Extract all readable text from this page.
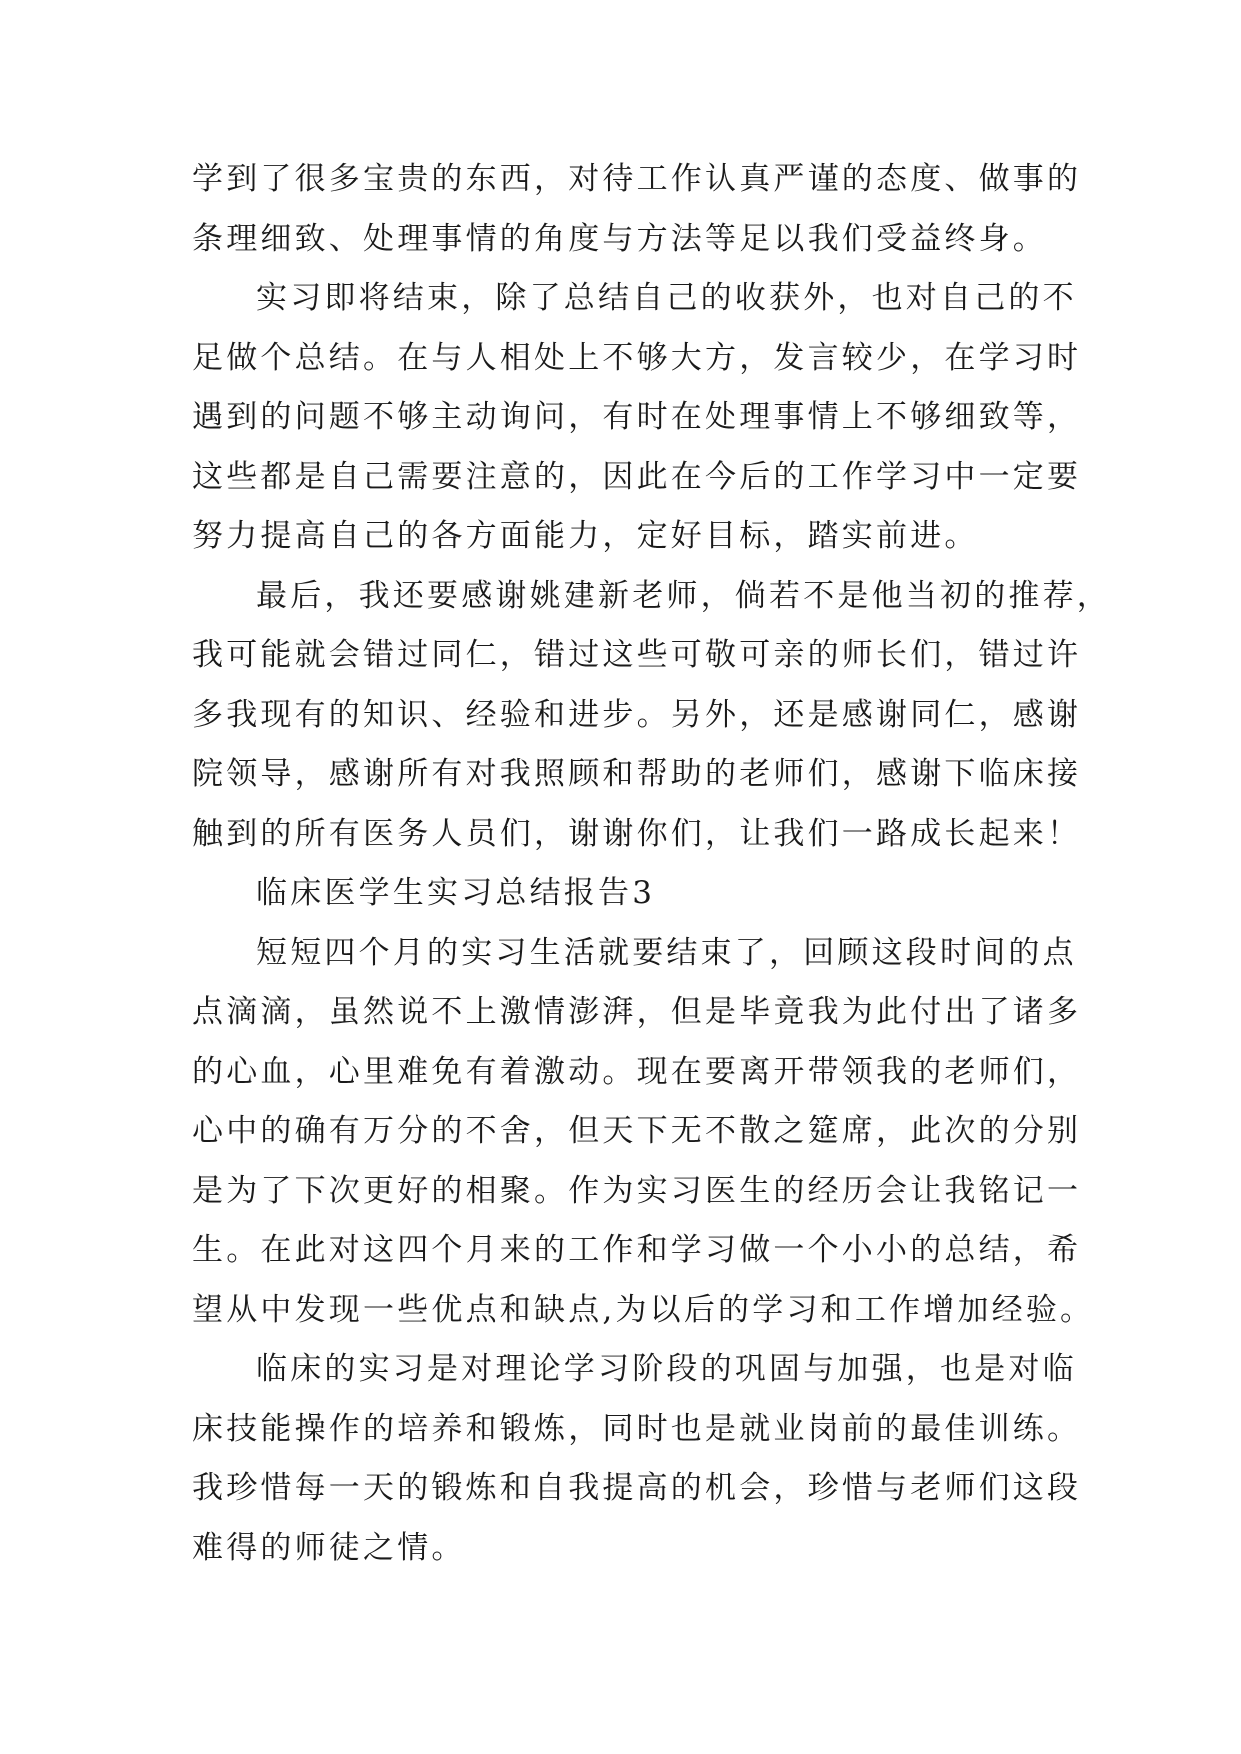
学到了很多宝贵的东西，对待工作认真严谨的态度、做事的
条理细致、处理事情的角度与方法等足以我们受益终身。
实习即将结束，除了总结自己的收获外，也对自己的不
足做个总结。在与人相处上不够大方，发言较少，在学习时
遇到的问题不够主动询问，有时在处理事情上不够细致等，
这些都是自己需要注意的，因此在今后的工作学习中一定要
努力提高自己的各方面能力，定好目标，踏实前进。
最后，我还要感谢姚建新老师，倘若不是他当初的推荐，
我可能就会错过同仁，错过这些可敬可亲的师长们，错过许
多我现有的知识、经验和进步。另外，还是感谢同仁，感谢
院领导，感谢所有对我照顾和帮助的老师们，感谢下临床接
触到的所有医务人员们，谢谢你们，让我们一路成长起来！
临床医学生实习总结报告3
短短四个月的实习生活就要结束了，回顾这段时间的点
点滴滴，虽然说不上激情澎湃，但是毕竟我为此付出了诸多
的心血，心里难免有着激动。现在要离开带领我的老师们，
心中的确有万分的不舍，但天下无不散之筵席，此次的分别
是为了下次更好的相聚。作为实习医生的经历会让我铭记一
生。在此对这四个月来的工作和学习做一个小小的总结，希
望从中发现一些优点和缺点,为以后的学习和工作增加经验。
临床的实习是对理论学习阶段的巩固与加强，也是对临
床技能操作的培养和锻炼，同时也是就业岗前的最佳训练。
我珍惜每一天的锻炼和自我提高的机会，珍惜与老师们这段
难得的师徒之情。
